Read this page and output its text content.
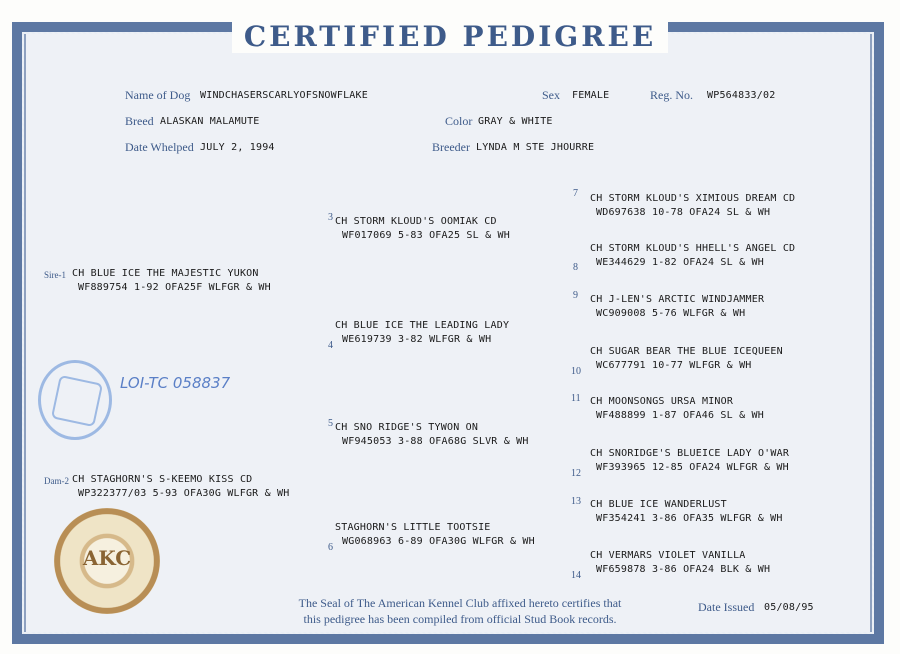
CERTIFIED PEDIGREE
Name of Dog WINDCHASERSCARLYOFSNOWFLAKE	Sex FEMALE	Reg. No. WP564833/02
Breed ALASKAN MALAMUTE	Color GRAY & WHITE
Date Whelped JULY 2, 1994	Breeder LYNDA M STE JHOURRE
Sire-1 CH BLUE ICE THE MAJESTIC YUKON
WF889754 1-92 OFA25F WLFGR & WH
Dam-2 CH STAGHORN'S S-KEEMO KISS CD
WP322377/03 5-93 OFA30G WLFGR & WH
3 CH STORM KLOUD'S OOMIAK CD
WF017069 5-83 OFA25 SL & WH
CH BLUE ICE THE LEADING LADY
WE619739 3-82 WLFGR & WH
4
5 CH SNO RIDGE'S TYWON ON
WF945053 3-88 OFA68G SLVR & WH
STAGHORN'S LITTLE TOOTSIE
WG068963 6-89 OFA30G WLFGR & WH
6
7 CH STORM KLOUD'S XIMIOUS DREAM CD
WD697638 10-78 OFA24 SL & WH
CH STORM KLOUD'S HHELL'S ANGEL CD
WE344629 1-82 OFA24 SL & WH
8
9 CH J-LEN'S ARCTIC WINDJAMMER
WC909008 5-76 WLFGR & WH
CH SUGAR BEAR THE BLUE ICEQUEEN
WC677791 10-77 WLFGR & WH
10
11 CH MOONSONGS URSA MINOR
WF488899 1-87 OFA46 SL & WH
CH SNORIDGE'S BLUEICE LADY O'WAR
WF393965 12-85 OFA24 WLFGR & WH
12
13 CH BLUE ICE WANDERLUST
WF354241 3-86 OFA35 WLFGR & WH
CH VERMARS VIOLET VANILLA
WF659878 3-86 OFA24 BLK & WH
14
LOI-TC 058837
AKC
The Seal of The American Kennel Club affixed hereto certifies that
this pedigree has been compiled from official Stud Book records.
Date Issued 05/08/95
